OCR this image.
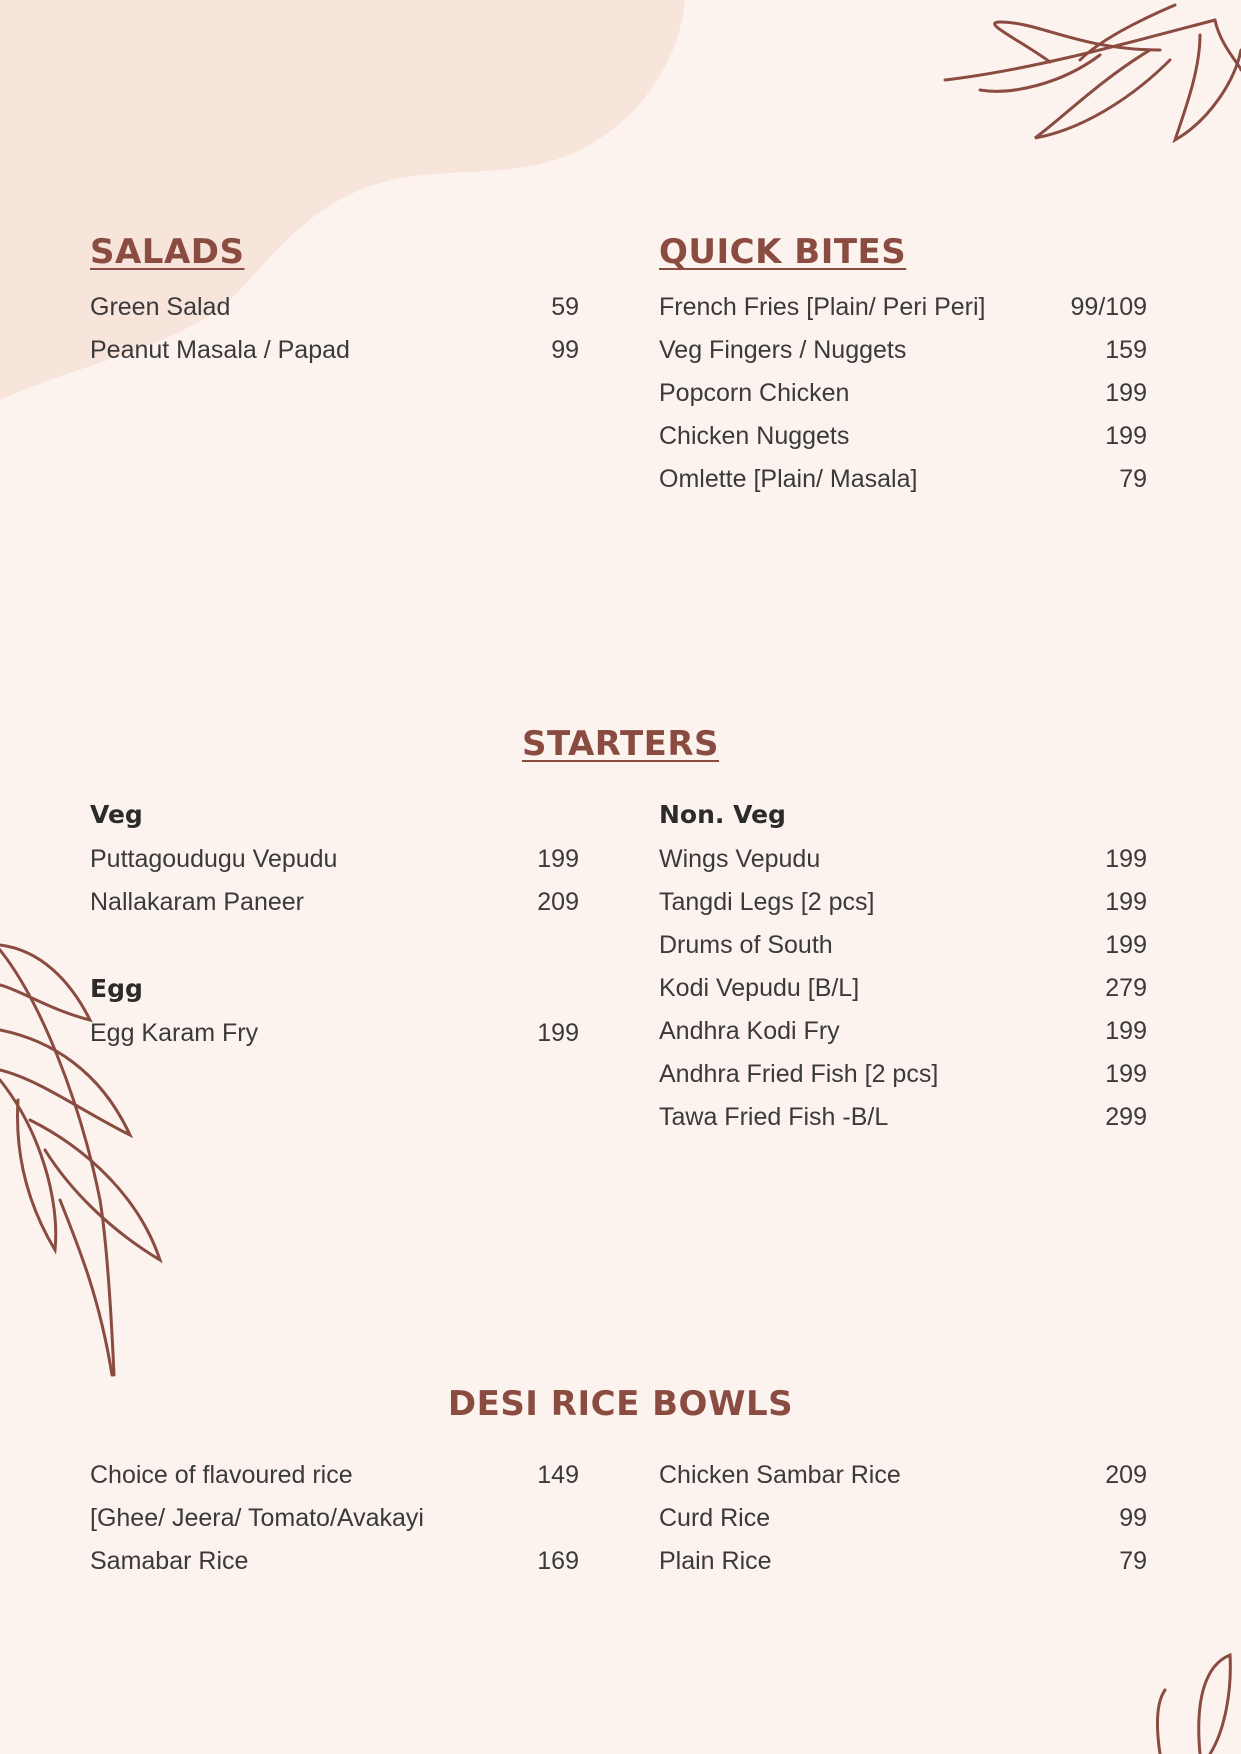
SALADS
Green Salad	59
Peanut Masala / Papad	99
QUICK BITES
French Fries [Plain/ Peri Peri]	99/109
Veg Fingers / Nuggets	159
Popcorn Chicken	199
Chicken Nuggets	199
Omlette [Plain/ Masala]	79
STARTERS
Veg
Puttagoudugu Vepudu	199
Nallakaram Paneer	209
Egg
Egg Karam Fry	199
Non. Veg
Wings Vepudu	199
Tangdi Legs [2 pcs]	199
Drums of South	199
Kodi Vepudu [B/L]	279
Andhra Kodi Fry	199
Andhra Fried Fish [2 pcs]	199
Tawa Fried Fish -B/L	299
DESI RICE BOWLS
Choice of flavoured rice	149
[Ghee/ Jeera/ Tomato/Avakayi
Samabar Rice	169
Chicken Sambar Rice	209
Curd Rice	99
Plain Rice	79
